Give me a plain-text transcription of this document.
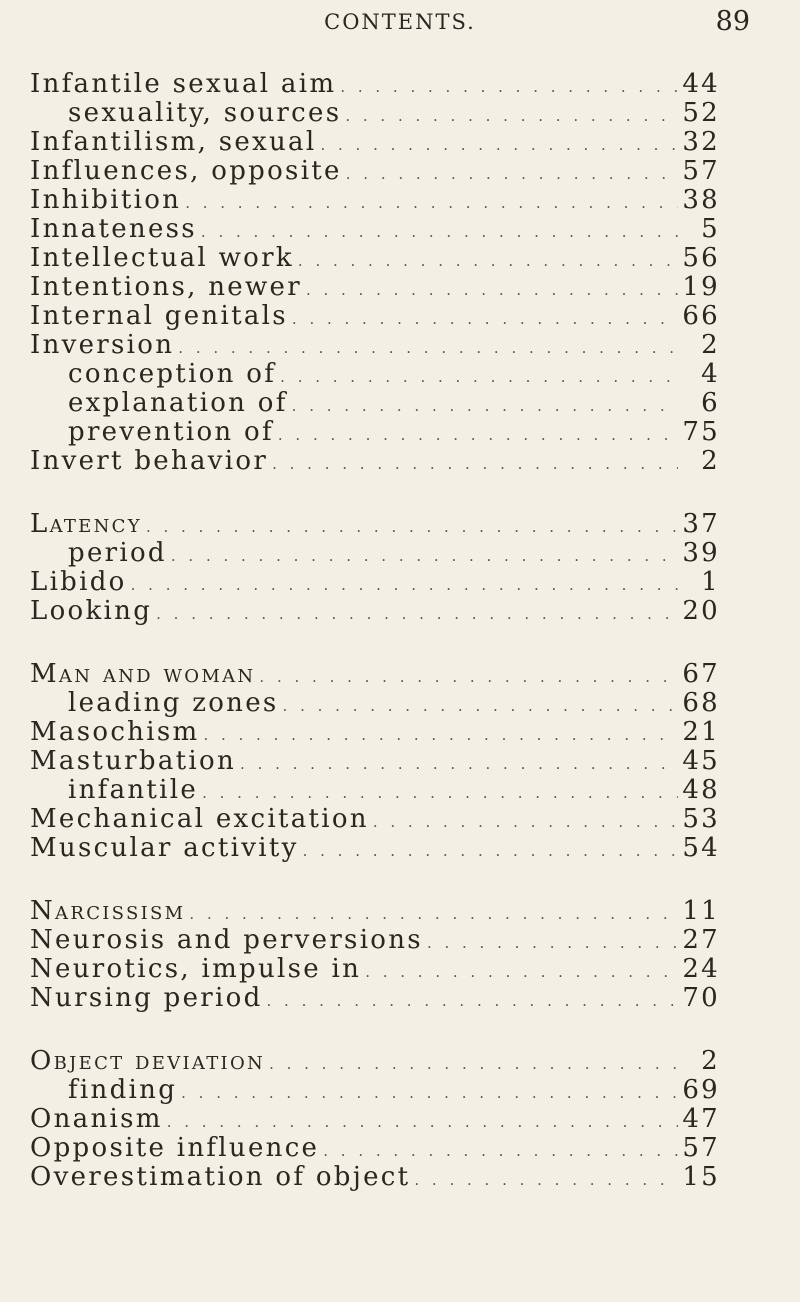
CONTENTS.	89
Infantile sexual aim . . .	44
sexuality, sources . . .	52
Infantilism, sexual . . .	32
Influences, opposite . . .	57
Inhibition . . .	38
Innateness . . .	5
Intellectual work . . .	56
Intentions, newer . . .	19
Internal genitals . . .	66
Inversion . . .	2
conception of . . .	4
explanation of . . .	6
prevention of . . .	75
Invert behavior . . .	2
Latency . . .	37
period . . .	39
Libido . . .	1
Looking . . .	20
Man and woman . . .	67
leading zones . . .	68
Masochism . . .	21
Masturbation . . .	45
infantile . . .	48
Mechanical excitation . . .	53
Muscular activity . . .	54
Narcissism . . .	11
Neurosis and perversions . . .	27
Neurotics, impulse in . . .	24
Nursing period . . .	70
Object deviation . . .	2
finding . . .	69
Onanism . . .	47
Opposite influence . . .	57
Overestimation of object . . .	15
